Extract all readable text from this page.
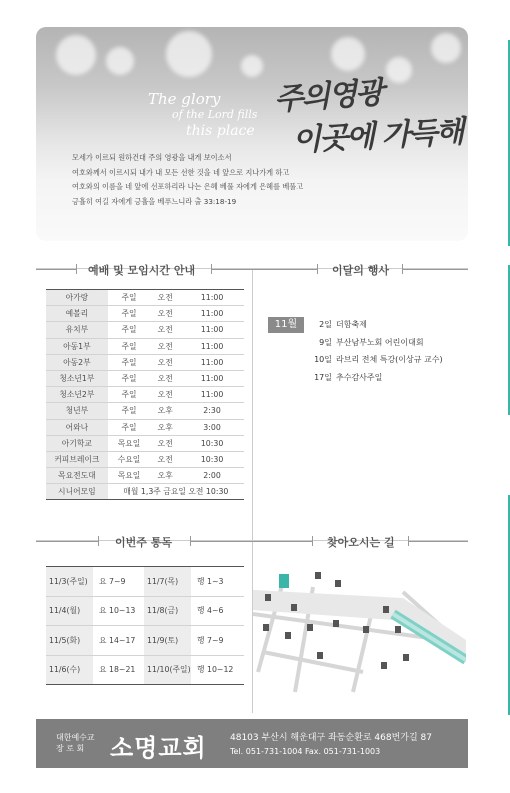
The glory
of the Lord fills
this place
주의영광
이곳에 가득해

모세가 이르되 원하건대 주의 영광을 내게 보이소서

여호와께서 이르시되 내가 내 모든 선한 것을 네 앞으로 지나가게 하고

여호와의 이름을 네 앞에 선포하리라 나는 은혜 베풀 자에게 은혜를 베풀고

긍휼히 여길 자에게 긍휼을 베푸느니라 출 33:18-19

예배 및 모임시간 안내	이달의 행사
아가랑	주일	오전	11:00
예볼리	주일	오전	11:00
유치부	주일	오전	11:00
아동1부	주일	오전	11:00
아동2부	주일	오전	11:00
청소년1부	주일	오전	11:00
청소년2부	주일	오전	11:00
청년부	주일	오후	2:30
어와나	주일	오후	3:00
아기학교	목요일	오전	10:30
커피브레이크	수요일	오전	10:30
목요전도대	목요일	오후	2:00
시니어모임	매월 1,3주 금요일 오전 10:30		
11월	2일 더함축제
9일 부산남부노회 어린이대회
10일 라브리 전체 특강(이상규 교수)
17일 추수감사주일
이번주 통독	찾아오시는 길
11/3(주일)	요 7~9	11/7(목)	행 1~3
11/4(월)	요 10~13	11/8(금)	행 4~6
11/5(화)	요 14~17	11/9(토)	행 7~9
11/6(수)	요 18~21	11/10(주일)	행 10~12
대한예수교
장 로 회	소명교회	48103 부산시 해운대구 좌동순환로 468번가길 87
Tel. 051-731-1004 Fax. 051-731-1003
